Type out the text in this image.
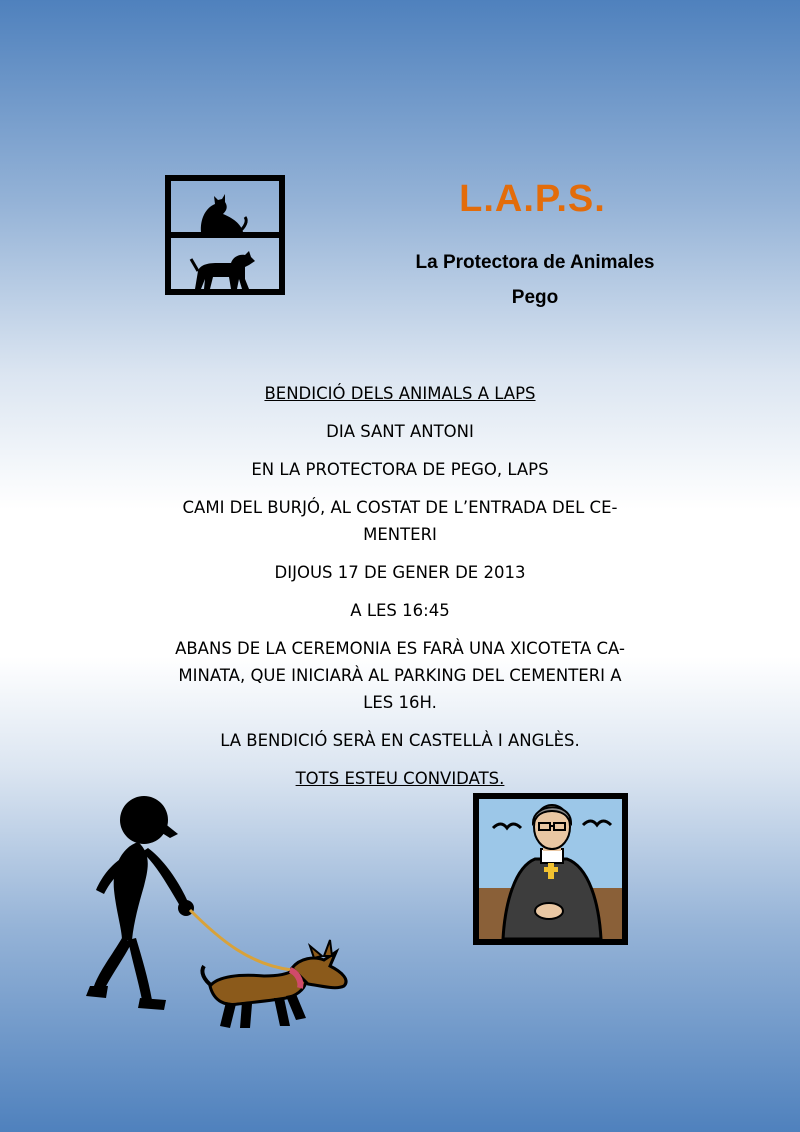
L.A.P.S.
La Protectora de Animales
Pego

BENDICIÓ DELS ANIMALS A LAPS

DIA SANT ANTONI

EN LA PROTECTORA DE PEGO, LAPS

CAMI DEL BURJÓ, AL COSTAT DE L’ENTRADA DEL CE-
MENTERI

DIJOUS 17 DE GENER DE 2013

A LES 16:45

ABANS DE LA CEREMONIA ES FARÀ UNA XICOTETA CA-
MINATA, QUE INICIARÀ AL PARKING DEL CEMENTERI A
LES 16H.

LA BENDICIÓ SERÀ EN CASTELLÀ I ANGLÈS.

TOTS ESTEU CONVIDATS.
